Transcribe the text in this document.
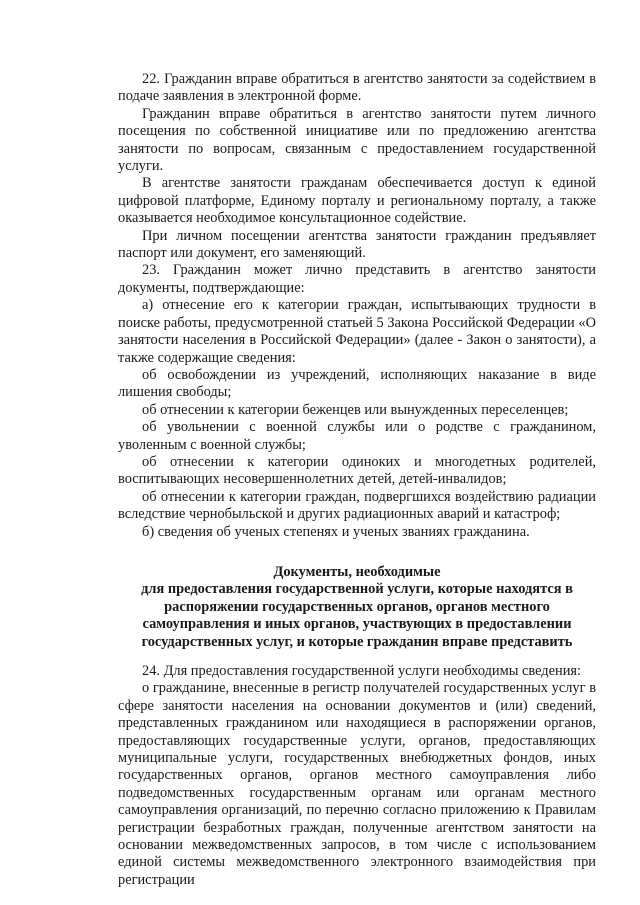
22. Гражданин вправе обратиться в агентство занятости за содействием в подаче заявления в электронной форме.

Гражданин вправе обратиться в агентство занятости путем личного посещения по собственной инициативе или по предложению агентства занятости по вопросам, связанным с предоставлением государственной услуги.

В агентстве занятости гражданам обеспечивается доступ к единой цифровой платформе, Единому порталу и региональному порталу, а также оказывается необходимое консультационное содействие.

При личном посещении агентства занятости гражданин предъявляет паспорт или документ, его заменяющий.

23. Гражданин может лично представить в агентство занятости документы, подтверждающие:

а) отнесение его к категории граждан, испытывающих трудности в поиске работы, предусмотренной статьей 5 Закона Российской Федерации «О занятости населения в Российской Федерации» (далее - Закон о занятости), а также содержащие сведения:

об освобождении из учреждений, исполняющих наказание в виде лишения свободы;

об отнесении к категории беженцев или вынужденных переселенцев;

об увольнении с военной службы или о родстве с гражданином, уволенным с военной службы;

об отнесении к категории одиноких и многодетных родителей, воспитывающих несовершеннолетних детей, детей-инвалидов;

об отнесении к категории граждан, подвергшихся воздействию радиации вследствие чернобыльской и других радиационных аварий и катастроф;

б) сведения об ученых степенях и ученых званиях гражданина.

Документы, необходимые
для предоставления государственной услуги, которые находятся в
распоряжении государственных органов, органов местного
самоуправления и иных органов, участвующих в предоставлении
государственных услуг, и которые гражданин вправе представить

24. Для предоставления государственной услуги необходимы сведения:

о гражданине, внесенные в регистр получателей государственных услуг в сфере занятости населения на основании документов и (или) сведений, представленных гражданином или находящиеся в распоряжении органов, предоставляющих государственные услуги, органов, предоставляющих муниципальные услуги, государственных внебюджетных фондов, иных государственных органов, органов местного самоуправления либо подведомственных государственным органам или органам местного самоуправления организаций, по перечню согласно приложению к Правилам регистрации безработных граждан, полученные агентством занятости на основании межведомственных запросов, в том числе с использованием единой системы межведомственного электронного взаимодействия при регистрации
